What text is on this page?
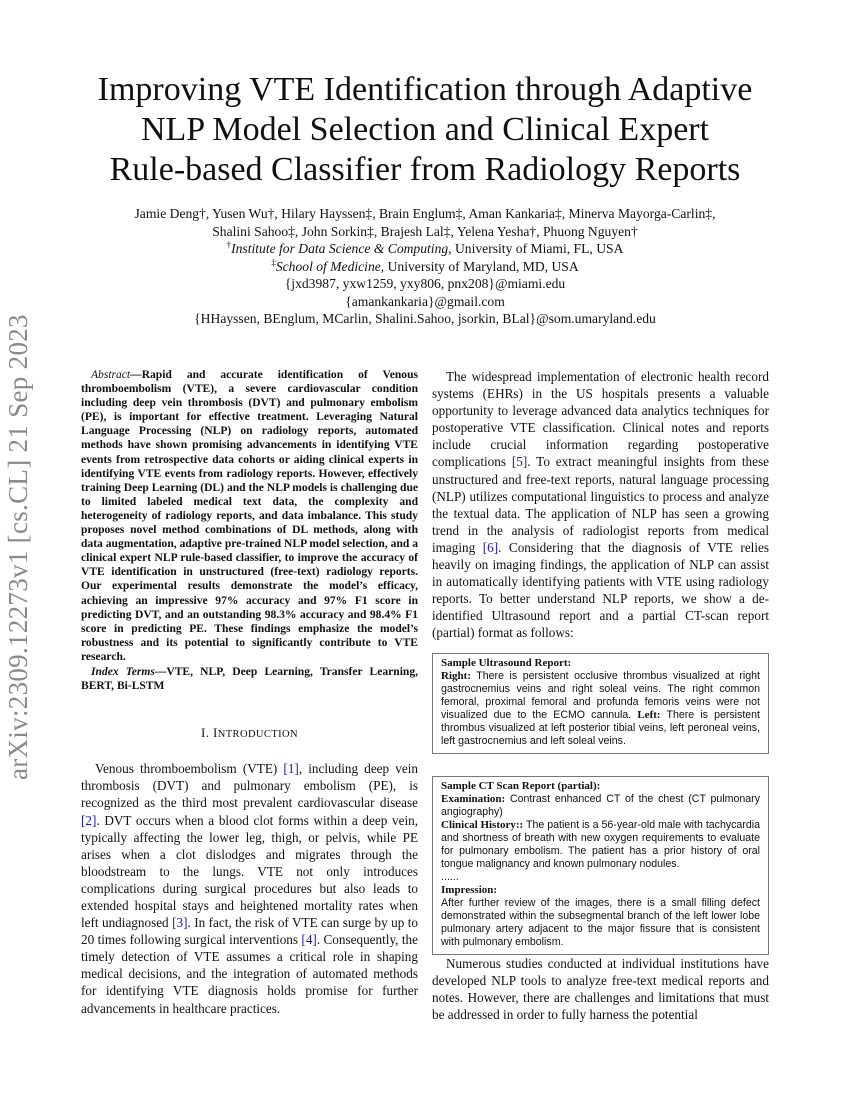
arXiv:2309.12273v1 [cs.CL] 21 Sep 2023
Improving VTE Identification through Adaptive
NLP Model Selection and Clinical Expert
Rule-based Classifier from Radiology Reports
Jamie Deng†, Yusen Wu†, Hilary Hayssen‡, Brain Englum‡, Aman Kankaria‡, Minerva Mayorga-Carlin‡,
Shalini Sahoo‡, John Sorkin‡, Brajesh Lal‡, Yelena Yesha†, Phuong Nguyen†
†Institute for Data Science & Computing, University of Miami, FL, USA
‡School of Medicine, University of Maryland, MD, USA
{jxd3987, yxw1259, yxy806, pnx208}@miami.edu
{amankankaria}@gmail.com
{HHayssen, BEnglum, MCarlin, Shalini.Sahoo, jsorkin, BLal}@som.umaryland.edu

Abstract—Rapid and accurate identification of Venous thromboembolism (VTE), a severe cardiovascular condition including deep vein thrombosis (DVT) and pulmonary embolism (PE), is important for effective treatment. Leveraging Natural Language Processing (NLP) on radiology reports, automated methods have shown promising advancements in identifying VTE events from retrospective data cohorts or aiding clinical experts in identifying VTE events from radiology reports. However, effectively training Deep Learning (DL) and the NLP models is challenging due to limited labeled medical text data, the complexity and heterogeneity of radiology reports, and data imbalance. This study proposes novel method combinations of DL methods, along with data augmentation, adaptive pre-trained NLP model selection, and a clinical expert NLP rule-based classifier, to improve the accuracy of VTE identification in unstructured (free-text) radiology reports. Our experimental results demonstrate the model’s efficacy, achieving an impressive 97% accuracy and 97% F1 score in predicting DVT, and an outstanding 98.3% accuracy and 98.4% F1 score in predicting PE. These findings emphasize the model’s robustness and its potential to significantly contribute to VTE research.

Index Terms—VTE, NLP, Deep Learning, Transfer Learning, BERT, Bi-LSTM

I. INTRODUCTION

Venous thromboembolism (VTE) [1], including deep vein thrombosis (DVT) and pulmonary embolism (PE), is recognized as the third most prevalent cardiovascular disease [2]. DVT occurs when a blood clot forms within a deep vein, typically affecting the lower leg, thigh, or pelvis, while PE arises when a clot dislodges and migrates through the bloodstream to the lungs. VTE not only introduces complications during surgical procedures but also leads to extended hospital stays and heightened mortality rates when left undiagnosed [3]. In fact, the risk of VTE can surge by up to 20 times following surgical interventions [4]. Consequently, the timely detection of VTE assumes a critical role in shaping medical decisions, and the integration of automated methods for identifying VTE diagnosis holds promise for further advancements in healthcare practices.

The widespread implementation of electronic health record systems (EHRs) in the US hospitals presents a valuable opportunity to leverage advanced data analytics techniques for postoperative VTE classification. Clinical notes and reports include crucial information regarding postoperative complications [5]. To extract meaningful insights from these unstructured and free-text reports, natural language processing (NLP) utilizes computational linguistics to process and analyze the textual data. The application of NLP has seen a growing trend in the analysis of radiologist reports from medical imaging [6]. Considering that the diagnosis of VTE relies heavily on imaging findings, the application of NLP can assist in automatically identifying patients with VTE using radiology reports. To better understand NLP reports, we show a de-identified Ultrasound report and a partial CT-scan report (partial) format as follows:

Sample Ultrasound Report:
Right: There is persistent occlusive thrombus visualized at right gastrocnemius veins and right soleal veins. The right common femoral, proximal femoral and profunda femoris veins were not visualized due to the ECMO cannula. Left: There is persistent thrombus visualized at left posterior tibial veins, left peroneal veins, left gastrocnemius and left soleal veins.
Sample CT Scan Report (partial):
Examination: Contrast enhanced CT of the chest (CT pulmonary angiography)
Clinical History:: The patient is a 56-year-old male with tachycardia and shortness of breath with new oxygen requirements to evaluate for pulmonary embolism. The patient has a prior history of oral tongue malignancy and known pulmonary nodules.
......
Impression:
After further review of the images, there is a small filling defect demonstrated within the subsegmental branch of the left lower lobe pulmonary artery adjacent to the major fissure that is consistent with pulmonary embolism.

Numerous studies conducted at individual institutions have developed NLP tools to analyze free-text medical reports and notes. However, there are challenges and limitations that must be addressed in order to fully harness the potential
